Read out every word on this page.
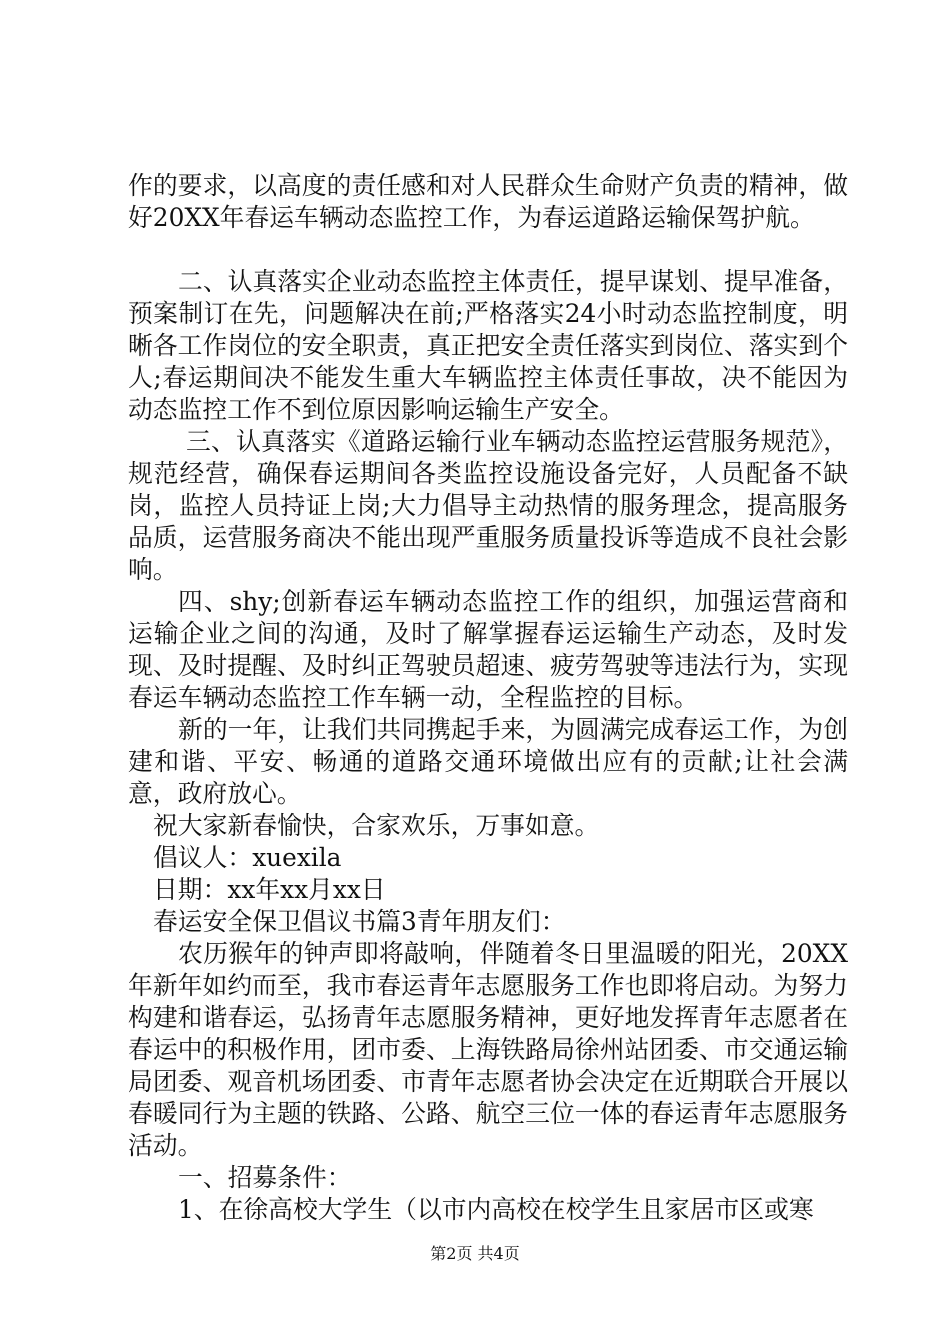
作的要求，以高度的责任感和对人民群众生命财产负责的精神，做好20XX年春运车辆动态监控工作，为春运道路运输保驾护航。

二、认真落实企业动态监控主体责任，提早谋划、提早准备，预案制订在先，问题解决在前;严格落实24小时动态监控制度，明晰各工作岗位的安全职责，真正把安全责任落实到岗位、落实到个人;春运期间决不能发生重大车辆监控主体责任事故，决不能因为动态监控工作不到位原因影响运输生产安全。

三、认真落实《道路运输行业车辆动态监控运营服务规范》，规范经营，确保春运期间各类监控设施设备完好，人员配备不缺岗，监控人员持证上岗;大力倡导主动热情的服务理念，提高服务品质，运营服务商决不能出现严重服务质量投诉等造成不良社会影响。

四、shy;创新春运车辆动态监控工作的组织，加强运营商和运输企业之间的沟通，及时了解掌握春运运输生产动态，及时发现、及时提醒、及时纠正驾驶员超速、疲劳驾驶等违法行为，实现春运车辆动态监控工作车辆一动，全程监控的目标。

新的一年，让我们共同携起手来，为圆满完成春运工作，为创建和谐、平安、畅通的道路交通环境做出应有的贡献;让社会满意，政府放心。

祝大家新春愉快，合家欢乐，万事如意。

倡议人：xuexila

日期：xx年xx月xx日

春运安全保卫倡议书篇3青年朋友们：

农历猴年的钟声即将敲响，伴随着冬日里温暖的阳光，20XX年新年如约而至，我市春运青年志愿服务工作也即将启动。为努力构建和谐春运，弘扬青年志愿服务精神，更好地发挥青年志愿者在春运中的积极作用，团市委、上海铁路局徐州站团委、市交通运输局团委、观音机场团委、市青年志愿者协会决定在近期联合开展以春暖同行为主题的铁路、公路、航空三位一体的春运青年志愿服务活动。

一、招募条件：

1、在徐高校大学生（以市内高校在校学生且家居市区或寒

第2页 共4页
